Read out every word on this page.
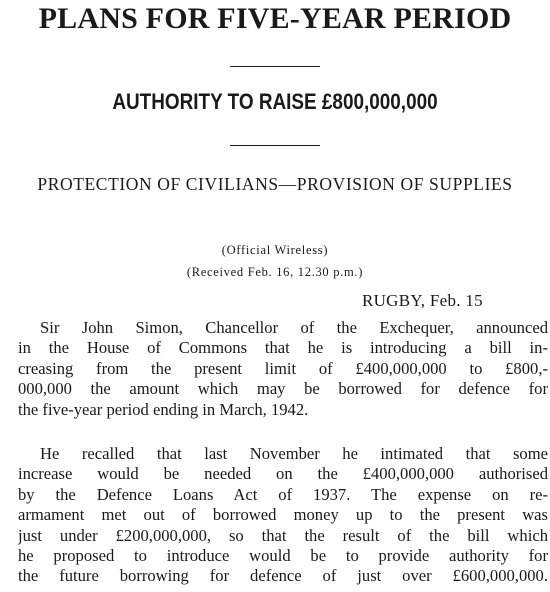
PLANS FOR FIVE-YEAR PERIOD
AUTHORITY TO RAISE £800,000,000
PROTECTION OF CIVILIANS—PROVISION OF SUPPLIES
(Official Wireless)
(Received Feb. 16, 12.30 p.m.)
RUGBY, Feb. 15

Sir John Simon, Chancellor of the Exchequer, announced
in the House of Commons that he is introducing a bill in-
creasing from the present limit of £400,000,000 to £800,-
000,000 the amount which may be borrowed for defence for
the five-year period ending in March, 1942.

He recalled that last November he intimated that some
increase would be needed on the £400,000,000 authorised
by the Defence Loans Act of 1937. The expense on re-
armament met out of borrowed money up to the present was
just under £200,000,000, so that the result of the bill which
he proposed to introduce would be to provide authority for
the future borrowing for defence of just over £600,000,000.
